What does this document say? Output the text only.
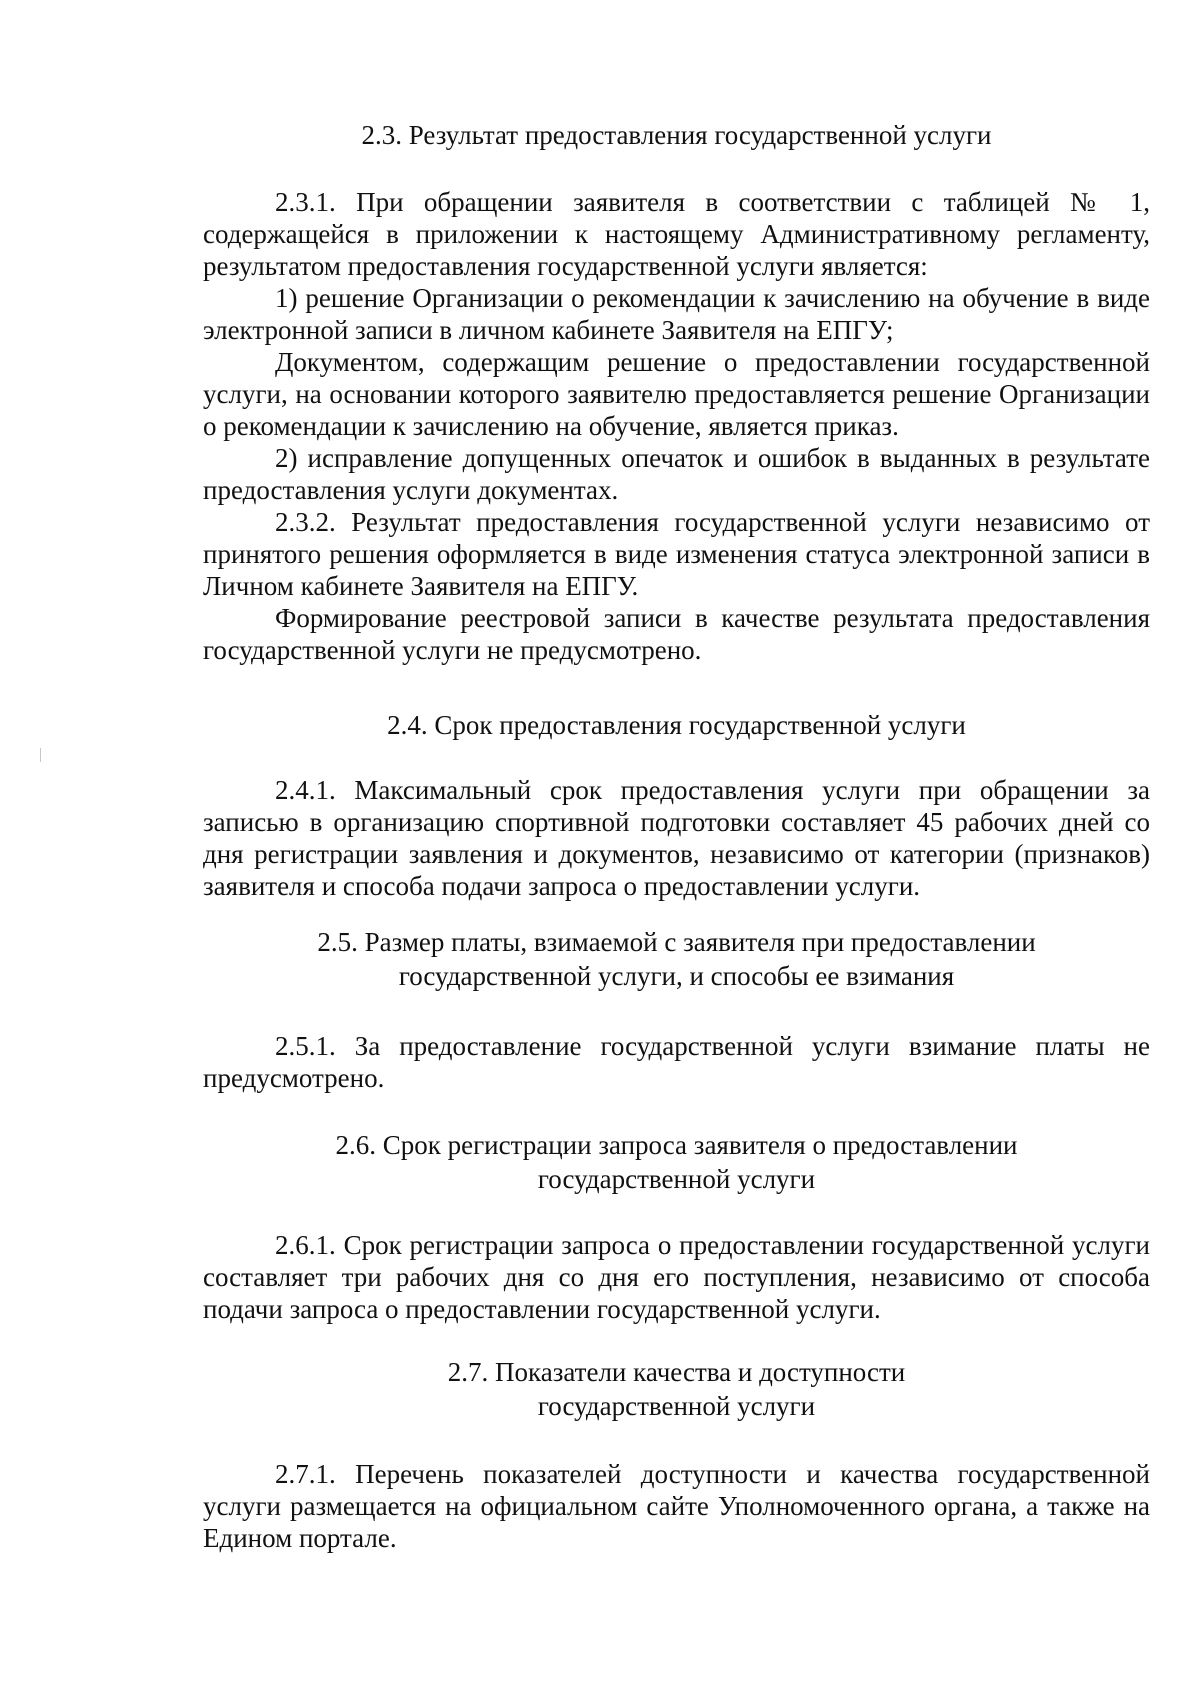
2.3. Результат предоставления государственной услуги

2.3.1. При обращении заявителя в соответствии с таблицей № 1, содержащейся в приложении к настоящему Административному регламенту, результатом предоставления государственной услуги является:

1) решение Организации о рекомендации к зачислению на обучение в виде электронной записи в личном кабинете Заявителя на ЕПГУ;

Документом, содержащим решение о предоставлении государственной услуги, на основании которого заявителю предоставляется решение Организации о рекомендации к зачислению на обучение, является приказ.

2) исправление допущенных опечаток и ошибок в выданных в результате предоставления услуги документах.

2.3.2. Результат предоставления государственной услуги независимо от принятого решения оформляется в виде изменения статуса электронной записи в Личном кабинете Заявителя на ЕПГУ.

Формирование реестровой записи в качестве результата предоставления государственной услуги не предусмотрено.

2.4. Срок предоставления государственной услуги

2.4.1. Максимальный срок предоставления услуги при обращении за записью в организацию спортивной подготовки составляет 45 рабочих дней со дня регистрации заявления и документов, независимо от категории (признаков) заявителя и способа подачи запроса о предоставлении услуги.

2.5. Размер платы, взимаемой с заявителя при предоставлении
государственной услуги, и способы ее взимания

2.5.1. За предоставление государственной услуги взимание платы не предусмотрено.

2.6. Срок регистрации запроса заявителя о предоставлении
государственной услуги

2.6.1. Срок регистрации запроса о предоставлении государственной услуги составляет три рабочих дня со дня его поступления, независимо от способа подачи запроса о предоставлении государственной услуги.

2.7. Показатели качества и доступности
государственной услуги

2.7.1. Перечень показателей доступности и качества государственной услуги размещается на официальном сайте Уполномоченного органа, а также на Едином портале.
